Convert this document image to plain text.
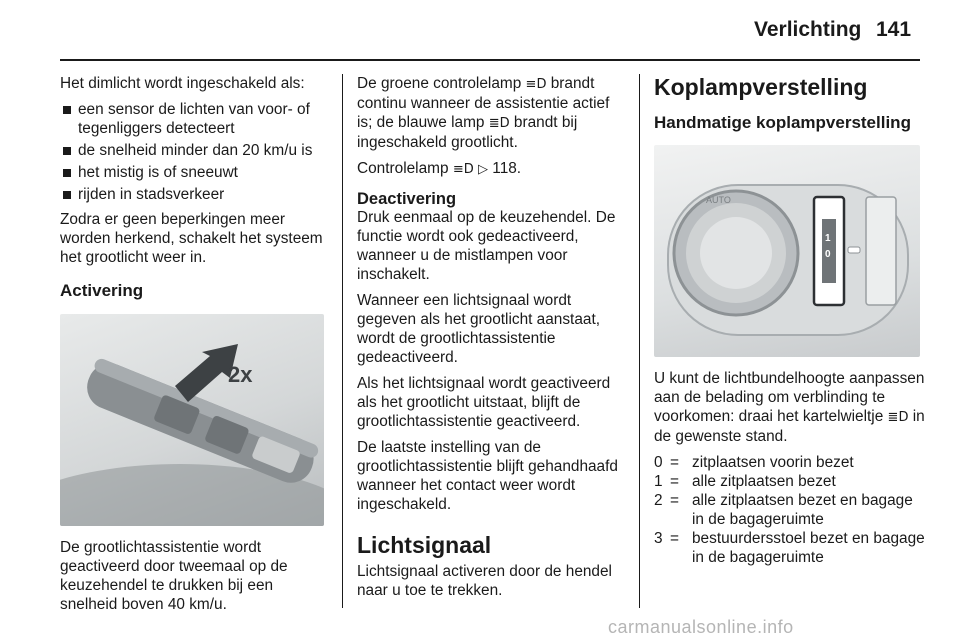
Verlichting 141

Het dimlicht wordt ingeschakeld als:

een sensor de lichten van voor- of tegenliggers detecteert
de snelheid minder dan 20 km/u is
het mistig is of sneeuwt
rijden in stadsverkeer

Zodra er geen beperkingen meer worden herkend, schakelt het systeem het grootlicht weer in.

Activering
2x

De grootlichtassistentie wordt geactiveerd door tweemaal op de keuzehendel te drukken bij een snelheid boven 40 km/u.

De groene controlelamp ≡D brandt continu wanneer de assistentie actief is; de blauwe lamp ≣D brandt bij ingeschakeld grootlicht.

Controlelamp ≡D ▷ 118.

Deactivering

Druk eenmaal op de keuzehendel. De functie wordt ook gedeactiveerd, wanneer u de mistlampen voor inschakelt.

Wanneer een lichtsignaal wordt gegeven als het grootlicht aanstaat, wordt de grootlichtassistentie gedeactiveerd.

Als het lichtsignaal wordt geactiveerd als het grootlicht uitstaat, blijft de grootlichtassistentie geactiveerd.

De laatste instelling van de grootlichtassistentie blijft gehandhaafd wanneer het contact weer wordt ingeschakeld.

Lichtsignaal

Lichtsignaal activeren door de hendel naar u toe te trekken.

Koplampverstelling
Handmatige koplampverstelling
AUTO
1
0

U kunt de lichtbundelhoogte aanpassen aan de belading om verblinding te voorkomen: draai het kartelwieltje ≣D in de gewenste stand.

0	=	zitplaatsen voorin bezet
1	=	alle zitplaatsen bezet
2	=	alle zitplaatsen bezet en bagage in de bagageruimte
3	=	bestuurdersstoel bezet en bagage in de bagageruimte
carmanualsonline.info
